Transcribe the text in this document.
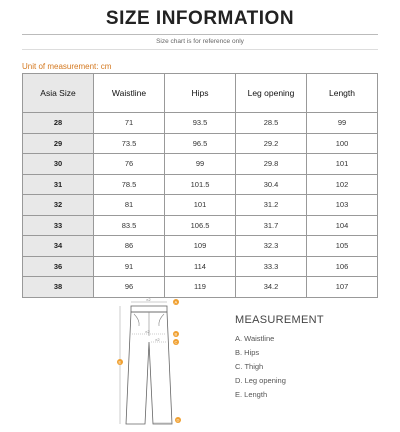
SIZE INFORMATION
Size chart is for reference only
Unit of measurement: cm
Asia Size	Waistline	Hips	Leg opening	Length
28	71	93.5	28.5	99
29	73.5	96.5	29.2	100
30	76	99	29.8	101
31	78.5	101.5	30.4	102
32	81	101	31.2	103
33	83.5	106.5	31.7	104
34	86	109	32.3	105
36	91	114	33.3	106
38	96	119	34.2	107
×2	A
×2	B
×2	C
E
D
MEASUREMENT
A. Waistline
B. Hips
C. Thigh
D. Leg opening
E. Length
